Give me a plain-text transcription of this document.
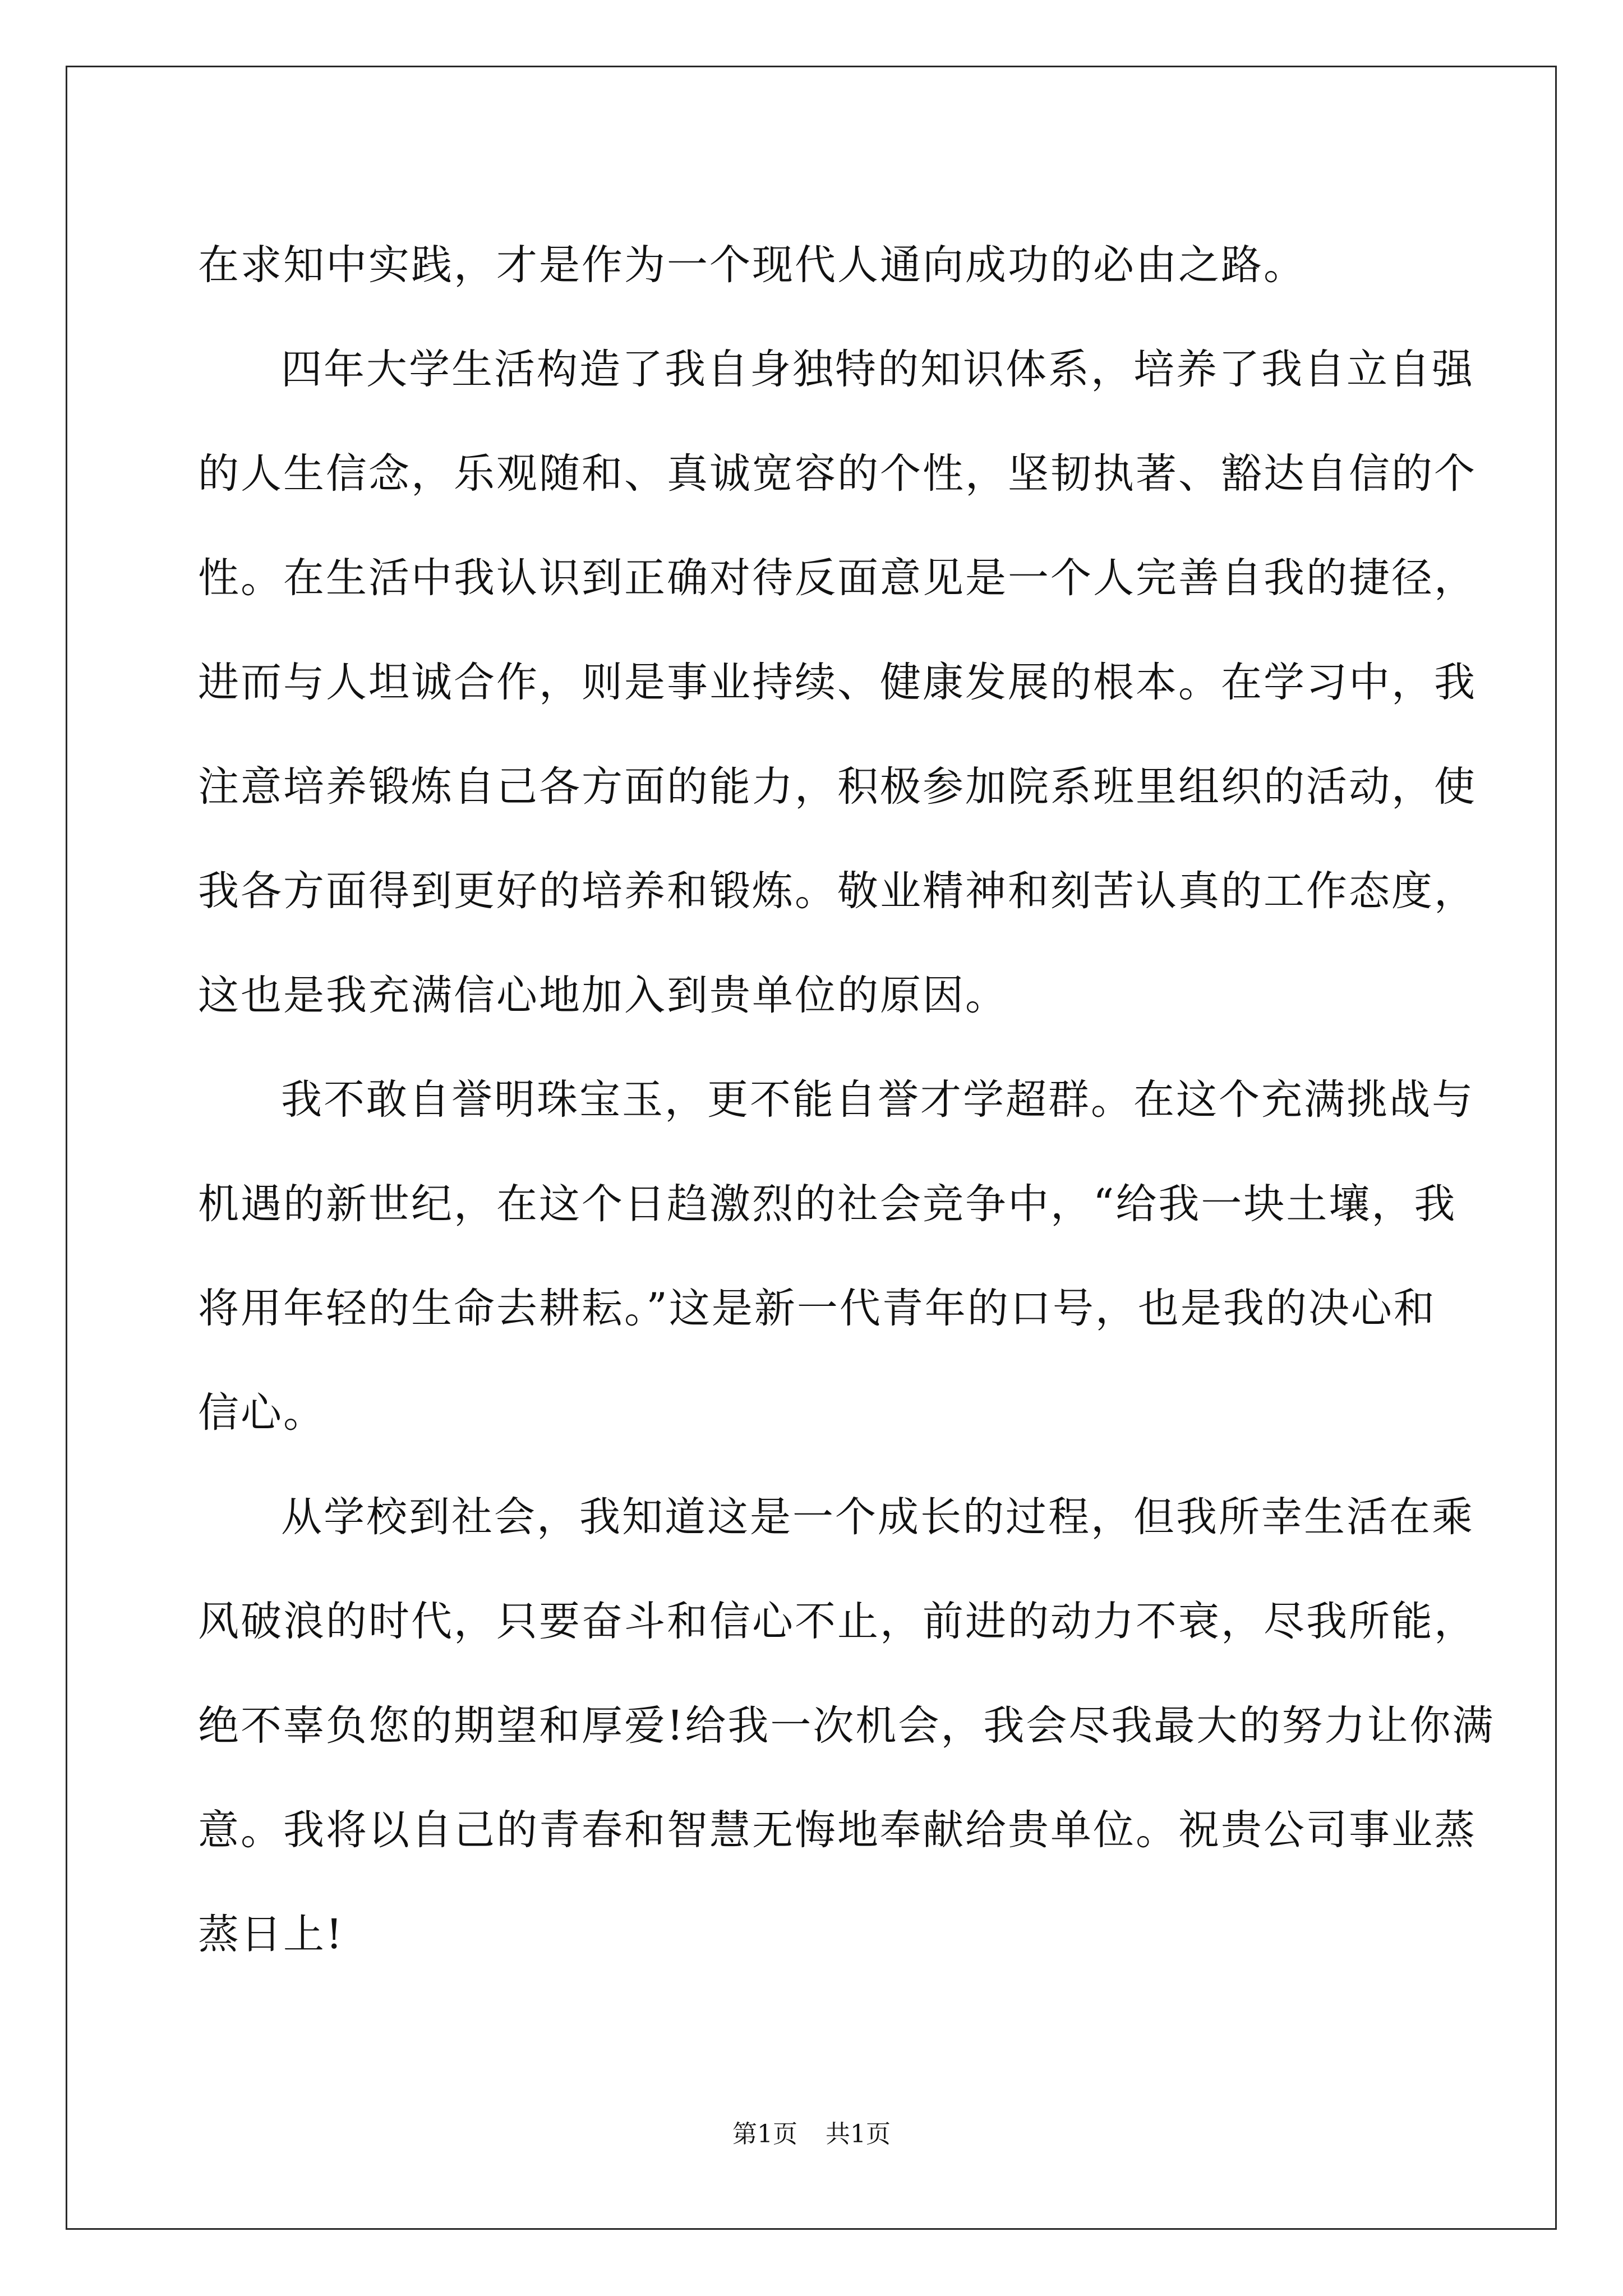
在求知中实践，才是作为一个现代人通向成功的必由之路。
四年大学生活构造了我自身独特的知识体系，培养了我自立自强
的人生信念，乐观随和、真诚宽容的个性，坚韧执著、豁达自信的个
性。在生活中我认识到正确对待反面意见是一个人完善自我的捷径，
进而与人坦诚合作，则是事业持续、健康发展的根本。在学习中，我
注意培养锻炼自己各方面的能力，积极参加院系班里组织的活动，使
我各方面得到更好的培养和锻炼。敬业精神和刻苦认真的工作态度，
这也是我充满信心地加入到贵单位的原因。
我不敢自誉明珠宝玉，更不能自誉才学超群。在这个充满挑战与
机遇的新世纪，在这个日趋激烈的社会竞争中，“给我一块土壤，我
将用年轻的生命去耕耘。”这是新一代青年的口号，也是我的决心和
信心。
从学校到社会，我知道这是一个成长的过程，但我所幸生活在乘
风破浪的时代，只要奋斗和信心不止，前进的动力不衰，尽我所能，
绝不辜负您的期望和厚爱!给我一次机会，我会尽我最大的努力让你满
意。我将以自己的青春和智慧无悔地奉献给贵单位。祝贵公司事业蒸
蒸日上!
第1页 共1页
